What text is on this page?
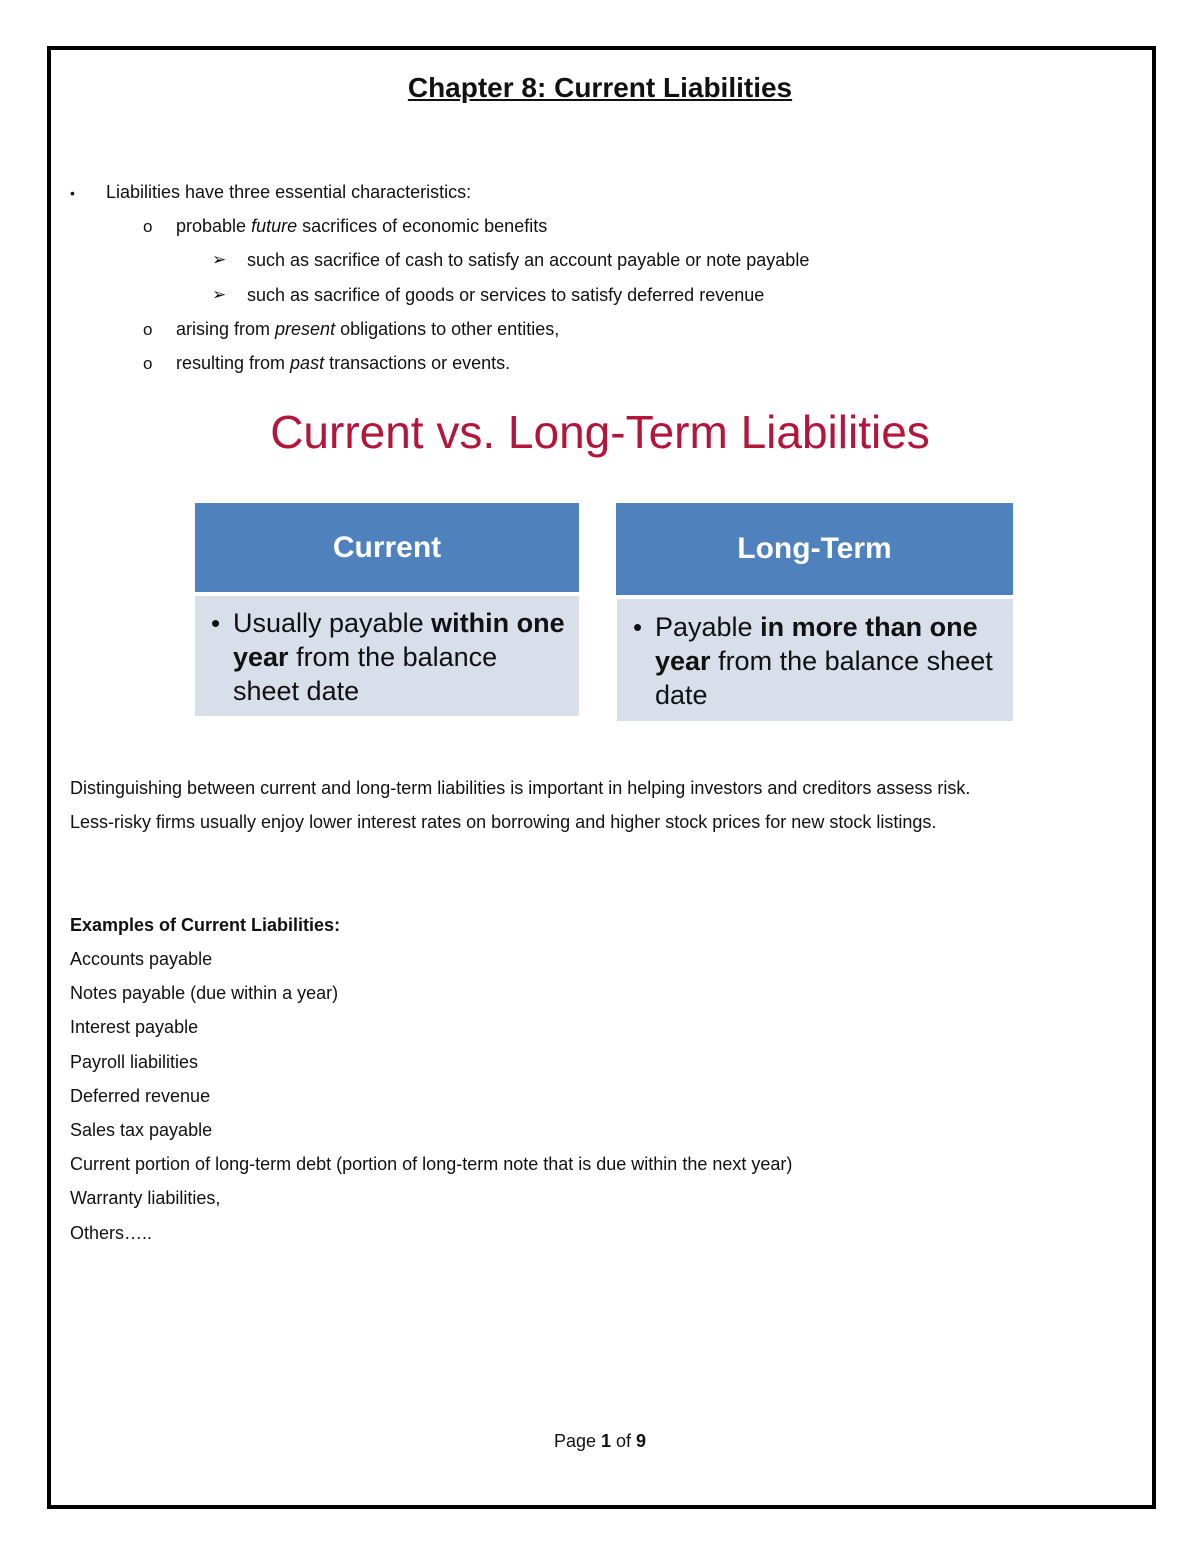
Chapter 8: Current Liabilities
• Liabilities have three essential characteristics:
o probable future sacrifices of economic benefits
➢ such as sacrifice of cash to satisfy an account payable or note payable
➢ such as sacrifice of goods or services to satisfy deferred revenue
o arising from present obligations to other entities,
o resulting from past transactions or events.
Current vs. Long-Term Liabilities
Current
• Usually payable within one year from the balance sheet date
Long-Term
• Payable in more than one year from the balance sheet date
Distinguishing between current and long-term liabilities is important in helping investors and creditors assess risk.
Less-risky firms usually enjoy lower interest rates on borrowing and higher stock prices for new stock listings.
Examples of Current Liabilities:
Accounts payable
Notes payable (due within a year)
Interest payable
Payroll liabilities
Deferred revenue
Sales tax payable
Current portion of long-term debt (portion of long-term note that is due within the next year)
Warranty liabilities,
Others…..
Page 1 of 9
